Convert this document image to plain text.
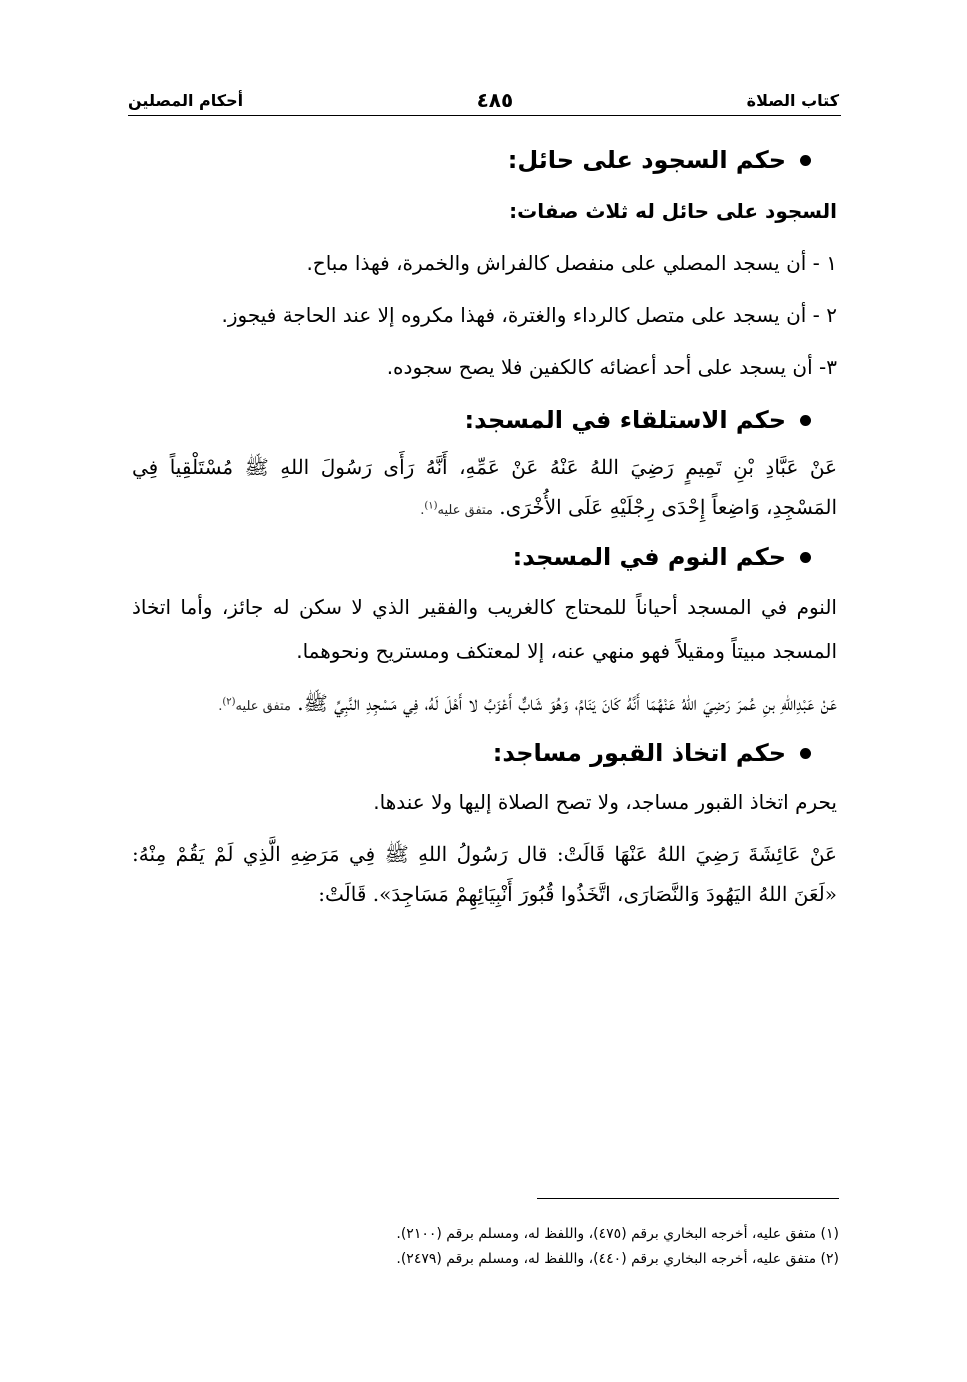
كتاب الصلاة
٤٨٥
أحكام المصلين
حكم السجود على حائل:
السجود على حائل له ثلاث صفات:
١ - أن يسجد المصلي على منفصل كالفراش والخمرة، فهذا مباح.
٢ - أن يسجد على متصل كالرداء والغترة، فهذا مكروه إلا عند الحاجة فيجوز.
٣- أن يسجد على أحد أعضائه كالكفين فلا يصح سجوده.
حكم الاستلقاء في المسجد:
عَنْ عَبَّادِ بْنِ تَمِيمٍ رَضِيَ اللهُ عَنْهُ عَنْ عَمِّهِ، أَنَّهُ رَأَى رَسُولَ اللهِ ﷺ مُسْتَلْقِياً فِي المَسْجِدِ، وَاضِعاً إِحْدَى رِجْلَيْهِ عَلَى الأُخْرَى. متفق عليه$^{(١)}$.
حكم النوم في المسجد:
النوم في المسجد أحياناً للمحتاج كالغريب والفقير الذي لا سكن له جائز، وأما اتخاذ المسجد مبيتاً ومقيلاً فهو منهي عنه، إلا لمعتكف ومستريح ونحوهما.
عَنْ عَبْدِاللهِ بنِ عُمرَ رَضِيَ اللهُ عَنْهُمَا أَنَّهُ كَانَ يَنَامُ، وَهُوَ شَابٌّ أَعْزَبُ لا أَهْلَ لَهُ، فِي مَسْجِدِ النَّبِيِّ ﷺ. متفق عليه$^{(٢)}$.
حكم اتخاذ القبور مساجد:
يحرم اتخاذ القبور مساجد، ولا تصح الصلاة إليها ولا عندها.
عَنْ عَائِشَةَ رَضِيَ اللهُ عَنْهَا قَالَتْ: قال رَسُولُ اللهِ ﷺ فِي مَرَضِهِ الَّذِي لَمْ يَقُمْ مِنْهُ: «لَعَنَ اللهُ اليَهُودَ وَالنَّصَارَى، اتَّخَذُوا قُبُورَ أَنْبِيَائِهِمْ مَسَاجِدَ». قَالَتْ:
(١) متفق عليه، أخرجه البخاري برقم (٤٧٥)، واللفظ له، ومسلم برقم (٢١٠٠).
(٢) متفق عليه، أخرجه البخاري برقم (٤٤٠)، واللفظ له، ومسلم برقم (٢٤٧٩).
